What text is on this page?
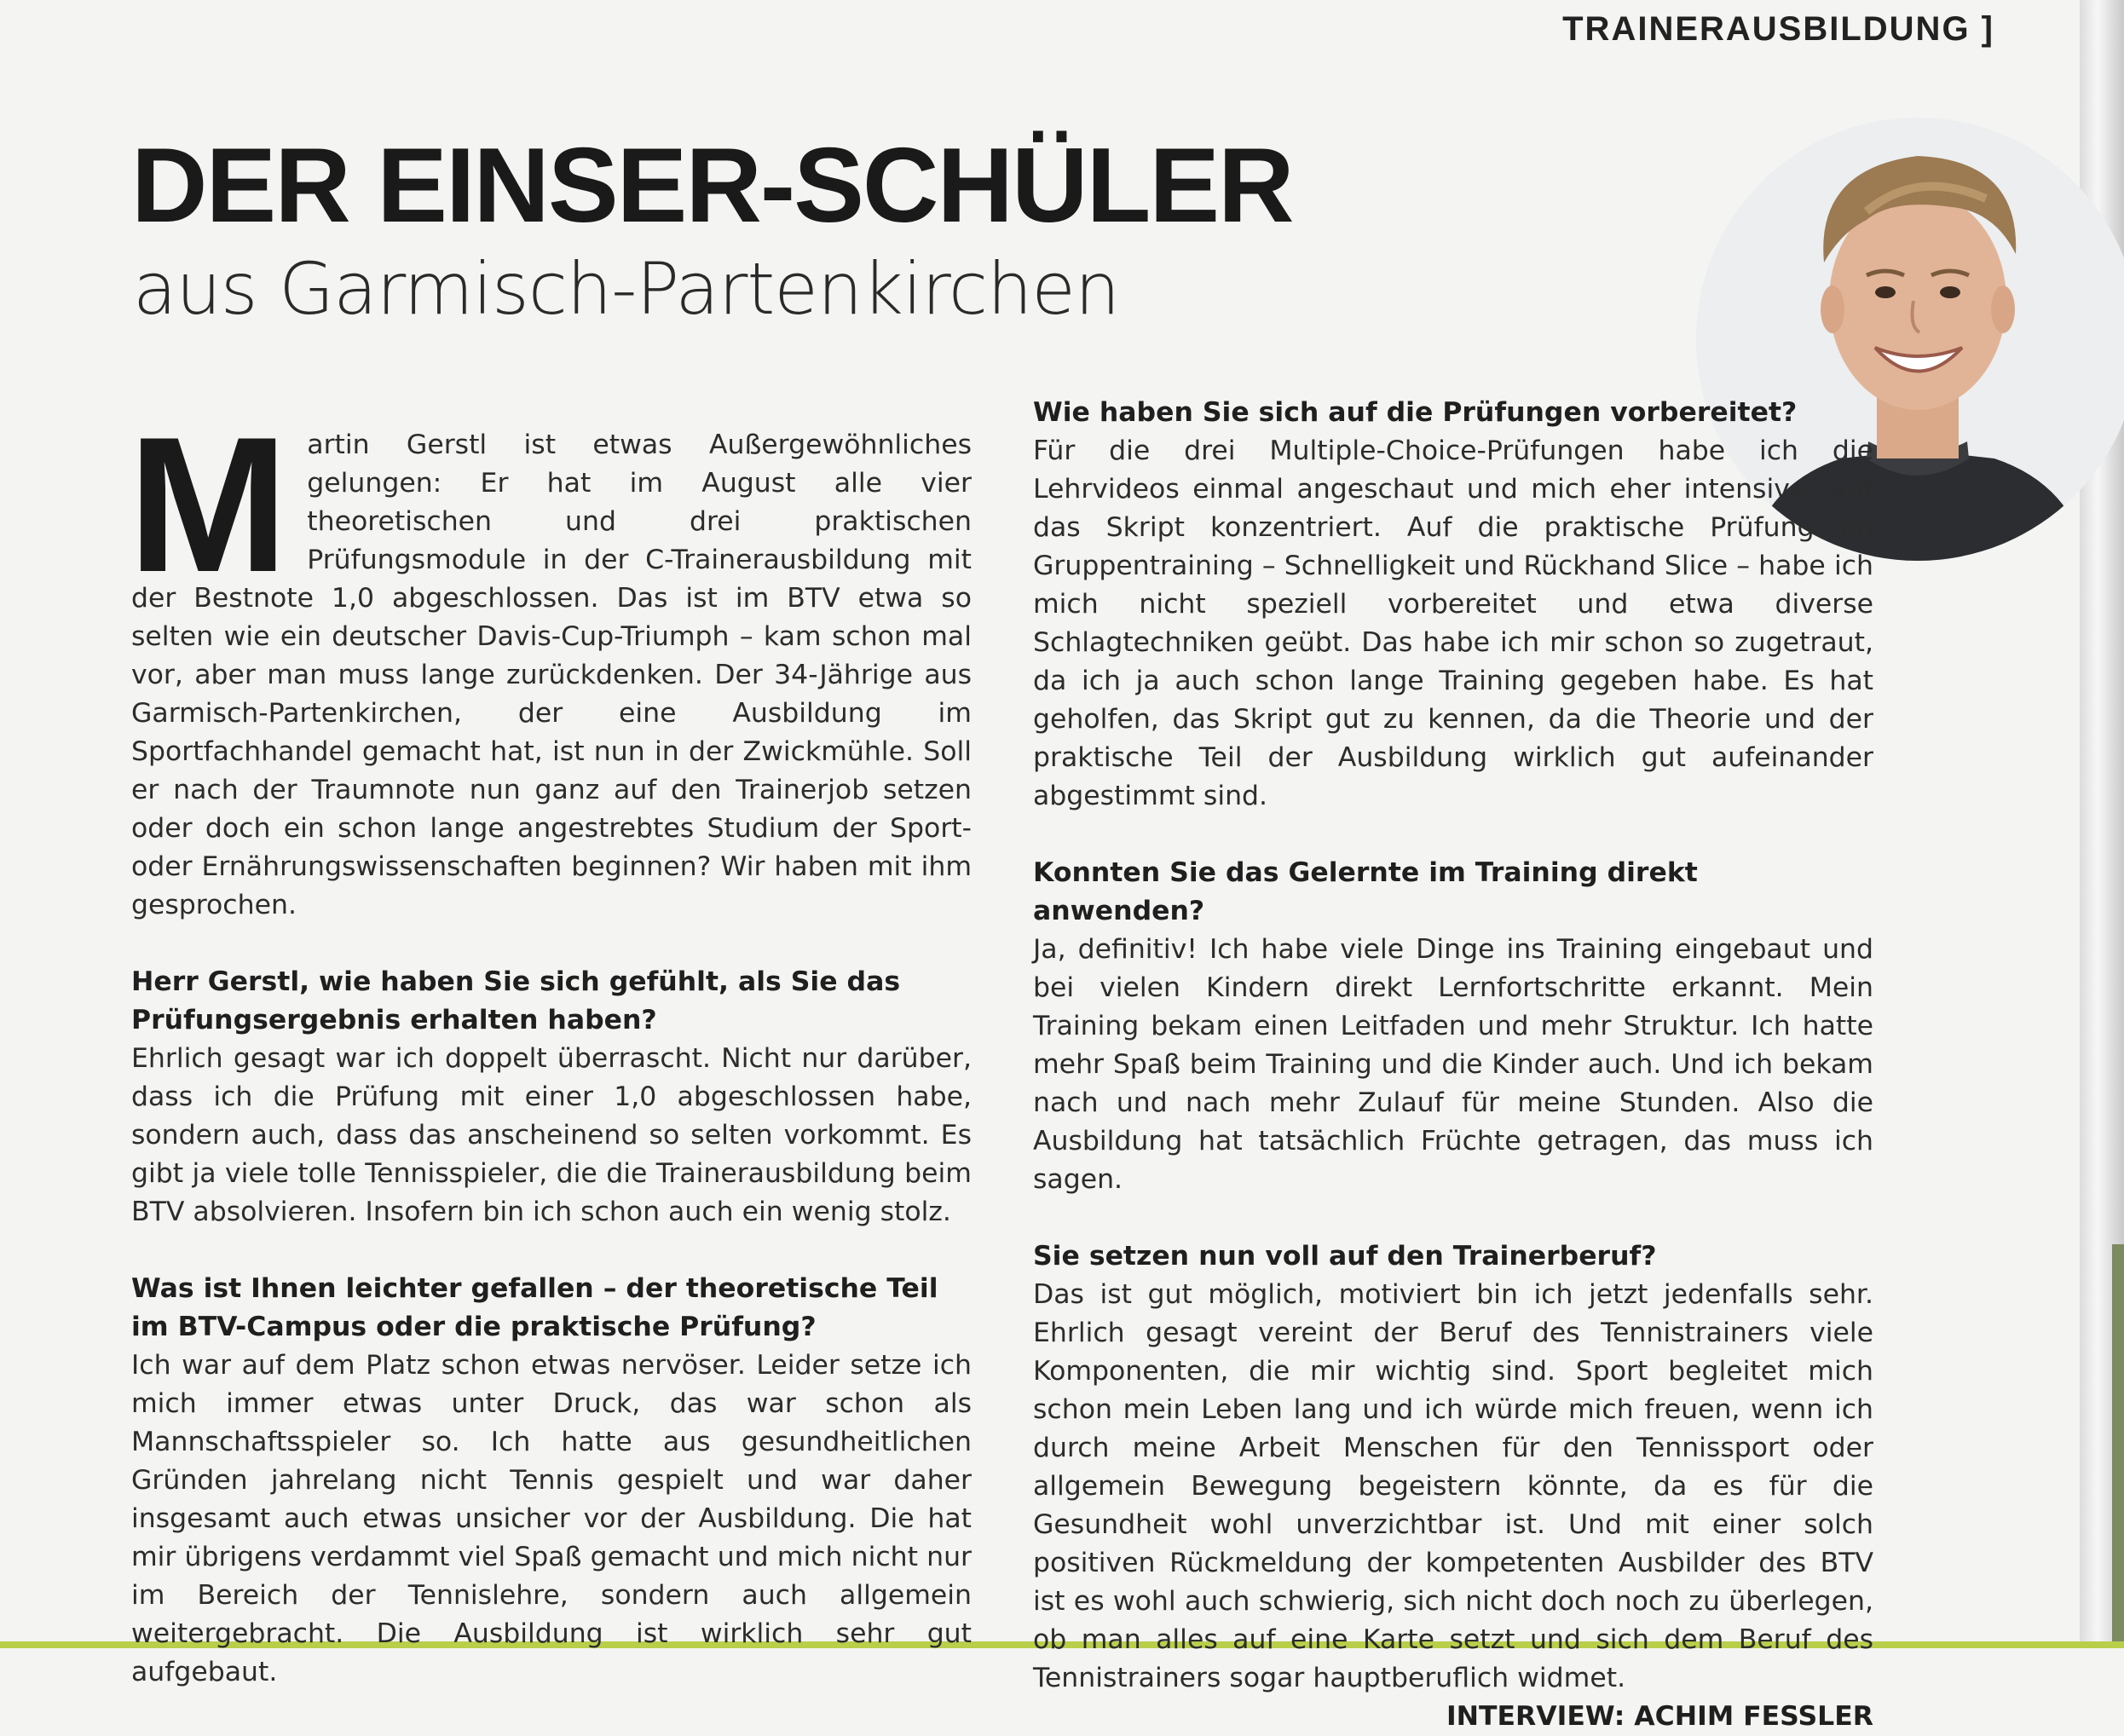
TRAINERAUSBILDUNG ]
DER EINSER-SCHÜLER
aus Garmisch-Partenkirchen

Martin Gerstl ist etwas Außergewöhnliches gelungen: Er hat im August alle vier theoretischen und drei praktischen Prüfungsmodule in der C-Trainerausbildung mit der Bestnote 1,0 abgeschlossen. Das ist im BTV etwa so selten wie ein deutscher Davis-Cup-Triumph – kam schon mal vor, aber man muss lange zurückdenken. Der 34-Jährige aus Garmisch-Partenkirchen, der eine Ausbildung im Sportfachhandel gemacht hat, ist nun in der Zwickmühle. Soll er nach der Traumnote nun ganz auf den Trainerjob setzen oder doch ein schon lange angestrebtes Studium der Sport- oder Ernährungswissenschaften beginnen? Wir haben mit ihm gesprochen.

Herr Gerstl, wie haben Sie sich gefühlt, als Sie das Prüfungsergebnis erhalten haben?

Ehrlich gesagt war ich doppelt überrascht. Nicht nur darüber, dass ich die Prüfung mit einer 1,0 abgeschlossen habe, sondern auch, dass das anscheinend so selten vorkommt. Es gibt ja viele tolle Tennisspieler, die die Trainerausbildung beim BTV absolvieren. Insofern bin ich schon auch ein wenig stolz.

Was ist Ihnen leichter gefallen – der theoretische Teil im BTV-Campus oder die praktische Prüfung?

Ich war auf dem Platz schon etwas nervöser. Leider setze ich mich immer etwas unter Druck, das war schon als Mannschaftsspieler so. Ich hatte aus gesundheitlichen Gründen jahrelang nicht Tennis gespielt und war daher insgesamt auch etwas unsicher vor der Ausbildung. Die hat mir übrigens verdammt viel Spaß gemacht und mich nicht nur im Bereich der Tennislehre, sondern auch allgemein weitergebracht. Die Ausbildung ist wirklich sehr gut aufgebaut.

Wie haben Sie sich auf die Prüfungen vorbereitet?

Für die drei Multiple-Choice-Prüfungen habe ich die Lehrvideos einmal angeschaut und mich eher intensiver auf das Skript konzentriert. Auf die praktische Prüfung im Gruppentraining – Schnelligkeit und Rückhand Slice – habe ich mich nicht speziell vorbereitet und etwa diverse Schlagtechniken geübt. Das habe ich mir schon so zugetraut, da ich ja auch schon lange Training gegeben habe. Es hat geholfen, das Skript gut zu kennen, da die Theorie und der praktische Teil der Ausbildung wirklich gut aufeinander abgestimmt sind.

Konnten Sie das Gelernte im Training direkt anwenden?

Ja, definitiv! Ich habe viele Dinge ins Training eingebaut und bei vielen Kindern direkt Lernfortschritte erkannt. Mein Training bekam einen Leitfaden und mehr Struktur. Ich hatte mehr Spaß beim Training und die Kinder auch. Und ich bekam nach und nach mehr Zulauf für meine Stunden. Also die Ausbildung hat tatsächlich Früchte getragen, das muss ich sagen.

Sie setzen nun voll auf den Trainerberuf?

Das ist gut möglich, motiviert bin ich jetzt jedenfalls sehr. Ehrlich gesagt vereint der Beruf des Tennistrainers viele Komponenten, die mir wichtig sind. Sport begleitet mich schon mein Leben lang und ich würde mich freuen, wenn ich durch meine Arbeit Menschen für den Tennissport oder allgemein Bewegung begeistern könnte, da es für die Gesundheit wohl unverzichtbar ist. Und mit einer solch positiven Rückmeldung der kompetenten Ausbilder des BTV ist es wohl auch schwierig, sich nicht doch noch zu überlegen, ob man alles auf eine Karte setzt und sich dem Beruf des Tennistrainers sogar hauptberuflich widmet.
INTERVIEW: ACHIM FESSLER
